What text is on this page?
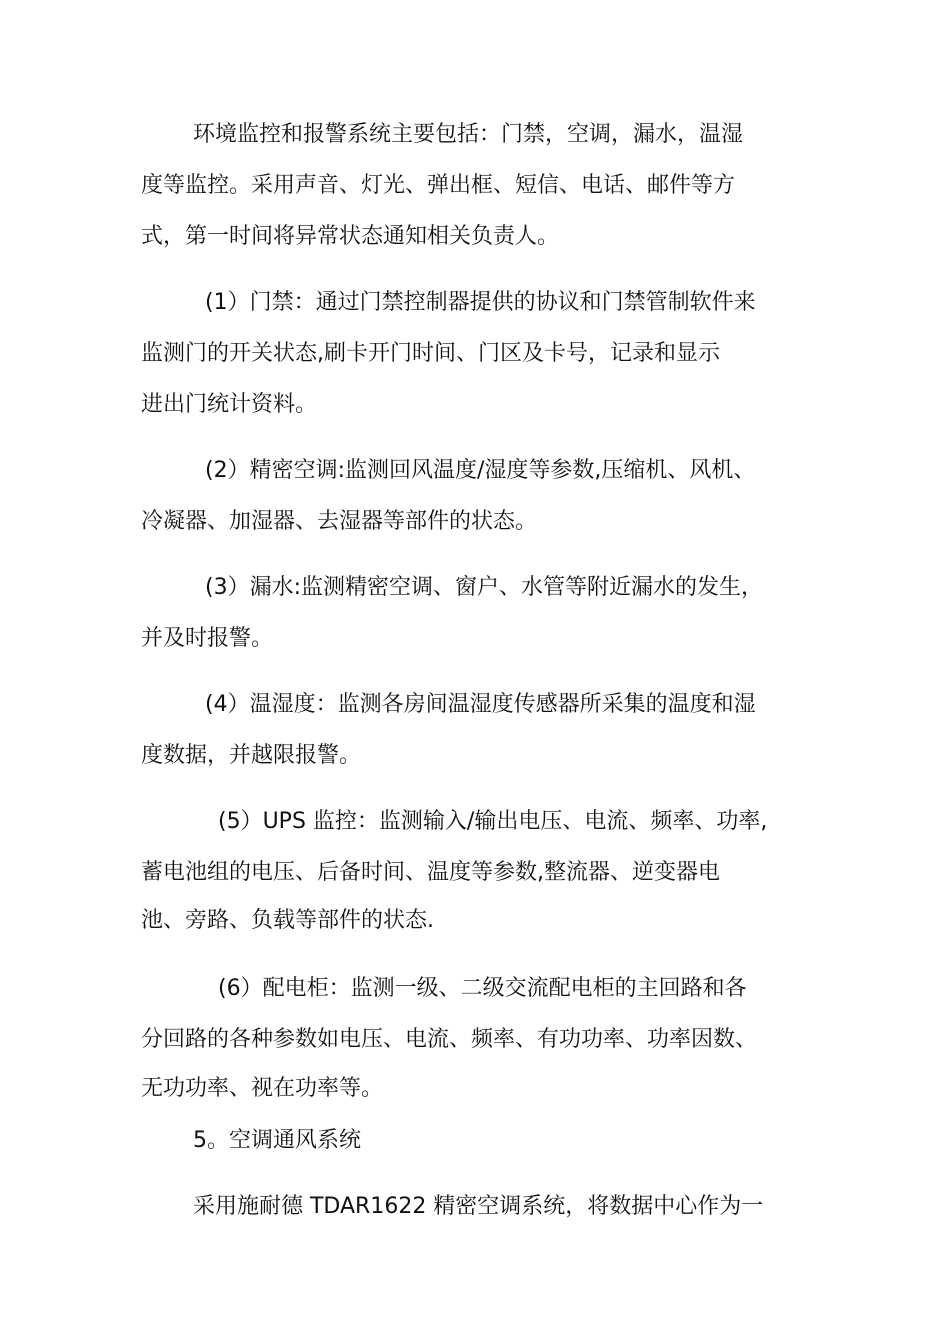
环境监控和报警系统主要包括：门禁，空调，漏水，温湿
度等监控。采用声音、灯光、弹出框、短信、电话、邮件等方
式，第一时间将异常状态通知相关负责人。
(1）门禁：通过门禁控制器提供的协议和门禁管制软件来
监测门的开关状态,刷卡开门时间、门区及卡号，记录和显示
进出门统计资料。
(2）精密空调:监测回风温度/湿度等参数,压缩机、风机、
冷凝器、加湿器、去湿器等部件的状态。
(3）漏水:监测精密空调、窗户、水管等附近漏水的发生，
并及时报警。
(4）温湿度：监测各房间温湿度传感器所采集的温度和湿
度数据，并越限报警。
(5）UPS 监控：监测输入/输出电压、电流、频率、功率,
蓄电池组的电压、后备时间、温度等参数,整流器、逆变器电
池、旁路、负载等部件的状态.
(6）配电柜：监测一级、二级交流配电柜的主回路和各
分回路的各种参数如电压、电流、频率、有功功率、功率因数、
无功功率、视在功率等。
5。空调通风系统
采用施耐德 TDAR1622 精密空调系统，将数据中心作为一
